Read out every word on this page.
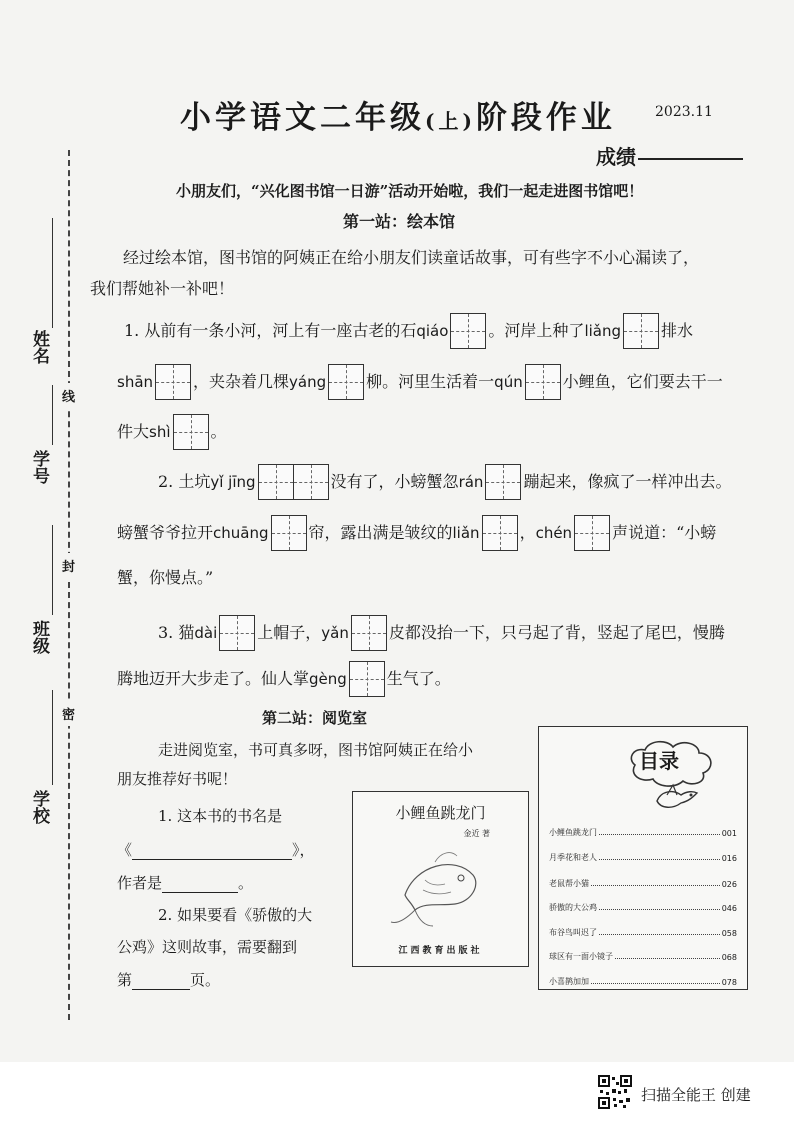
姓名
学号
班级
学校
线
封
密
小学语文二年级(上)阶段作业	2023.11
成绩
小朋友们，“兴化图书馆一日游”活动开始啦，我们一起走进图书馆吧！
第一站：绘本馆
经过绘本馆，图书馆的阿姨正在给小朋友们读童话故事，可有些字不小心漏读了，
我们帮她补一补吧！
1. 从前有一条小河，河上有一座古老的石qiáo	。河岸上种了liǎng	排水
shān	，夹杂着几棵yáng	柳。河里生活着一qún	小鲤鱼，它们要去干一
件大shì	。
2. 土坑yǐ jīng	没有了，小螃蟹忽rán	蹦起来，像疯了一样冲出去。
螃蟹爷爷拉开chuāng	帘，露出满是皱纹的liǎn	，chén	声说道：“小螃
蟹，你慢点。”
3. 猫dài	上帽子，yǎn	皮都没抬一下，只弓起了背，竖起了尾巴，慢腾
腾地迈开大步走了。仙人掌gèng	生气了。
第二站：阅览室
走进阅览室，书可真多呀，图书馆阿姨正在给小
朋友推荐好书呢！
1. 这本书的书名是
《	》，
作者是	。
2. 如果要看《骄傲的大
公鸡》这则故事，需要翻到
第	页。
小鲤鱼跳龙门
金近 著
江西教育出版社
目录
小鲤鱼跳龙门	001
月季花和老人	016
老鼠帮小猫	026
骄傲的大公鸡	046
布谷鸟叫迟了	058
球区有一面小镜子	068
小喜鹊加加	078
扫描全能王 创建
